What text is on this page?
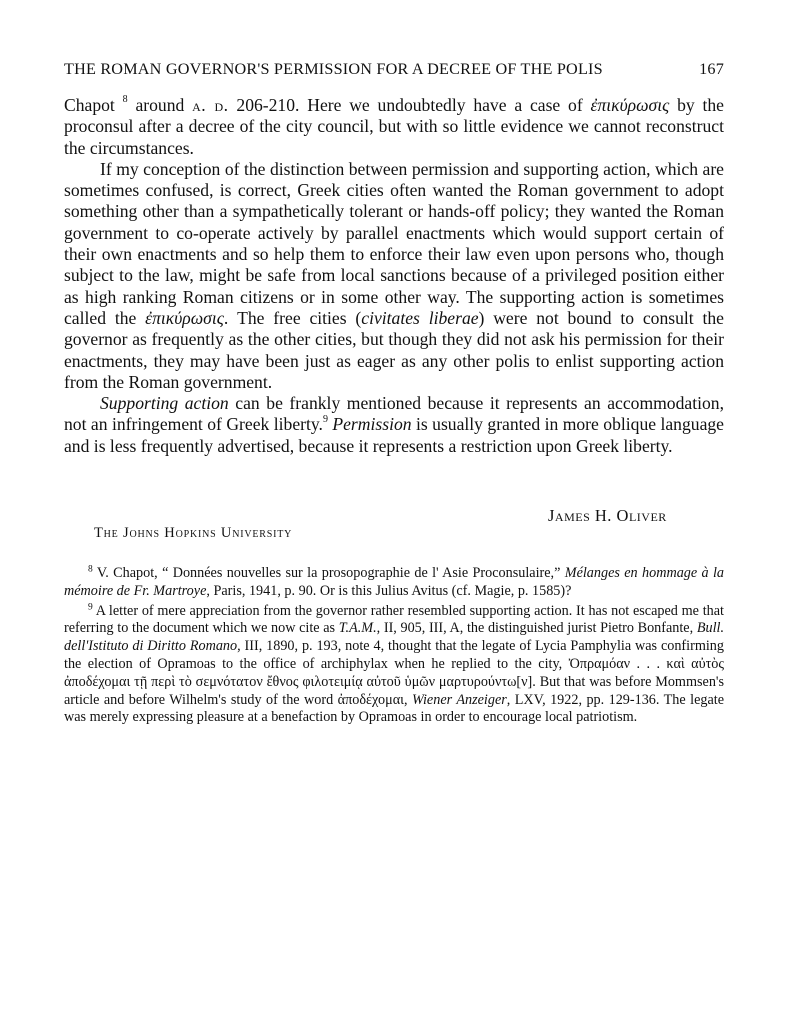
THE ROMAN GOVERNOR'S PERMISSION FOR A DECREE OF THE POLIS	167

Chapot $^8$ around a. d. 206-210. Here we undoubtedly have a case of ἐπικύρωσις by the proconsul after a decree of the city council, but with so little evidence we cannot reconstruct the circumstances.

If my conception of the distinction between permission and supporting action, which are sometimes confused, is correct, Greek cities often wanted the Roman government to adopt something other than a sympathetically tolerant or hands-off policy; they wanted the Roman government to co-operate actively by parallel enactments which would support certain of their own enactments and so help them to enforce their law even upon persons who, though subject to the law, might be safe from local sanctions because of a privileged position either as high ranking Roman citizens or in some other way. The supporting action is sometimes called the ἐπικύρωσις. The free cities (civitates liberae) were not bound to consult the governor as frequently as the other cities, but though they did not ask his permission for their enactments, they may have been just as eager as any other polis to enlist supporting action from the Roman government.

Supporting action can be frankly mentioned because it represents an accommodation, not an infringement of Greek liberty.$^9$ Permission is usually granted in more oblique language and is less frequently advertised, because it represents a restriction upon Greek liberty.

James H. Oliver
The Johns Hopkins University

$^8$ V. Chapot, “ Données nouvelles sur la prosopographie de l' Asie Proconsulaire,” Mélanges en hommage à la mémoire de Fr. Martroye, Paris, 1941, p. 90. Or is this Julius Avitus (cf. Magie, p. 1585)?

$^9$ A letter of mere appreciation from the governor rather resembled supporting action. It has not escaped me that referring to the document which we now cite as T.A.M., II, 905, III, A, the distinguished jurist Pietro Bonfante, Bull. dell'Istituto di Diritto Romano, III, 1890, p. 193, note 4, thought that the legate of Lycia Pamphylia was confirming the election of Opramoas to the office of archiphylax when he replied to the city, Ὀπραμόαν . . . καὶ αὐτὸς ἀποδέχομαι τῇ περὶ τὸ σεμνότατον ἔθνος φιλοτειμίᾳ αὐτοῦ ὑμῶν μαρτυρούντω[ν]. But that was before Mommsen's article and before Wilhelm's study of the word ἀποδέχομαι, Wiener Anzeiger, LXV, 1922, pp. 129-136. The legate was merely expressing pleasure at a benefaction by Opramoas in order to encourage local patriotism.
